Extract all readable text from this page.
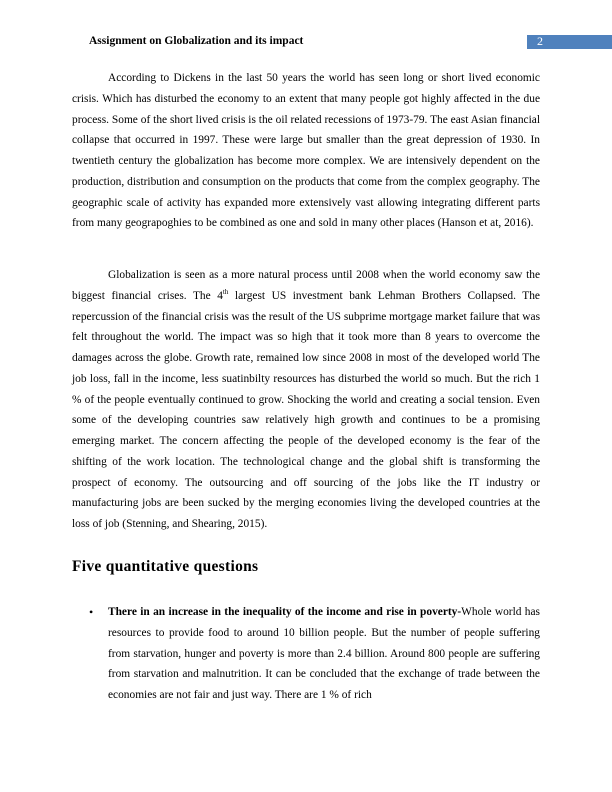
Assignment on Globalization and its impact	2

According to Dickens in the last 50 years the world has seen long or short lived economic crisis. Which has disturbed the economy to an extent that many people got highly affected in the due process. Some of the short lived crisis is the oil related recessions of 1973-79. The east Asian financial collapse that occurred in 1997. These were large but smaller than the great depression of 1930. In twentieth century the globalization has become more complex. We are intensively dependent on the production, distribution and consumption on the products that come from the complex geography. The geographic scale of activity has expanded more extensively vast allowing integrating different parts from many geograpoghies to be combined as one and sold in many other places (Hanson et at, 2016).

Globalization is seen as a more natural process until 2008 when the world economy saw the biggest financial crises. The 4th largest US investment bank Lehman Brothers Collapsed. The repercussion of the financial crisis was the result of the US subprime mortgage market failure that was felt throughout the world. The impact was so high that it took more than 8 years to overcome the damages across the globe. Growth rate, remained low since 2008 in most of the developed world The job loss, fall in the income, less suatinbilty resources has disturbed the world so much. But the rich 1 % of the people eventually continued to grow. Shocking the world and creating a social tension. Even some of the developing countries saw relatively high growth and continues to be a promising emerging market. The concern affecting the people of the developed economy is the fear of the shifting of the work location. The technological change and the global shift is transforming the prospect of economy. The outsourcing and off sourcing of the jobs like the IT industry or manufacturing jobs are been sucked by the merging economies living the developed countries at the loss of job (Stenning, and Shearing, 2015).

Five quantitative questions
• There in an increase in the inequality of the income and rise in poverty-Whole world has resources to provide food to around 10 billion people. But the number of people suffering from starvation, hunger and poverty is more than 2.4 billion. Around 800 people are suffering from starvation and malnutrition. It can be concluded that the exchange of trade between the economies are not fair and just way. There are 1 % of rich
